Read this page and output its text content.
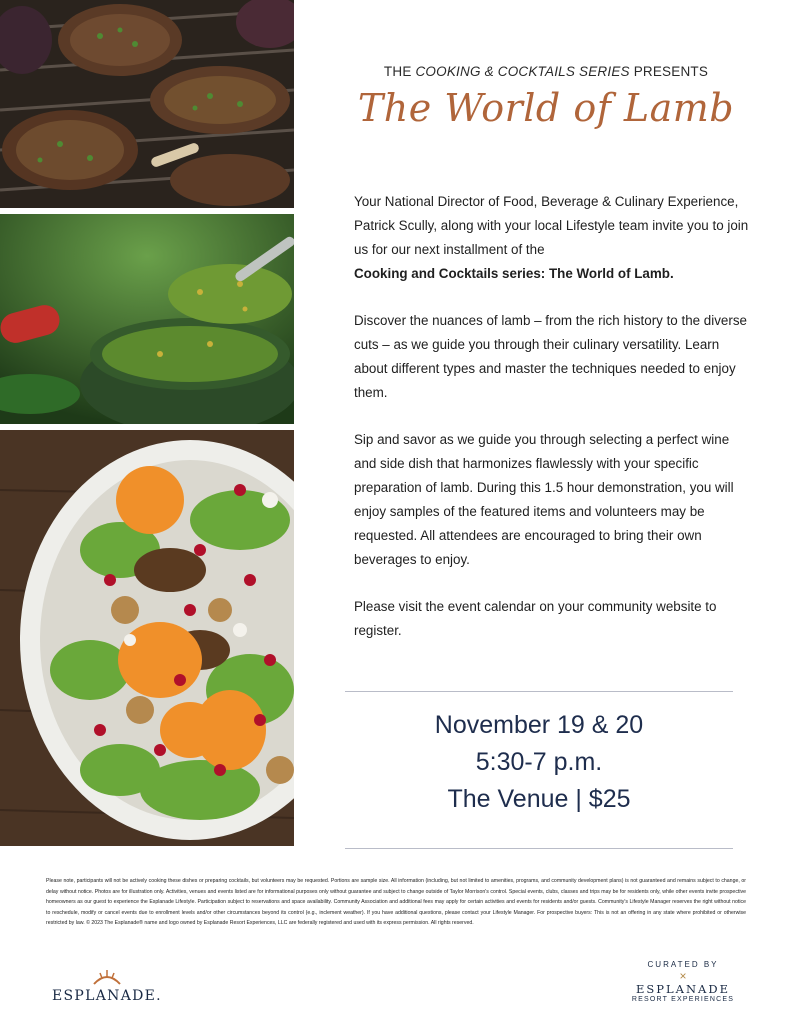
THE COOKING & COCKTAILS SERIES PRESENTS
The World of Lamb

Your National Director of Food, Beverage & Culinary Experience, Patrick Scully, along with your local Lifestyle team invite you to join us for our next installment of the
Cooking and Cocktails series: The World of Lamb.

Discover the nuances of lamb – from the rich history to the diverse cuts – as we guide you through their culinary versatility. Learn about different types and master the techniques needed to enjoy them.

Sip and savor as we guide you through selecting a perfect wine and side dish that harmonizes flawlessly with your specific preparation of lamb. During this 1.5 hour demonstration, you will enjoy samples of the featured items and volunteers may be requested. All attendees are encouraged to bring their own beverages to enjoy.

Please visit the event calendar on your community website to register.

November 19 & 20
5:30-7 p.m.
The Venue | $25
Please note, participants will not be actively cooking these dishes or preparing cocktails, but volunteers may be requested. Portions are sample size. All information (including, but not limited to amenities, programs, and community development plans) is not guaranteed and remains subject to change, or delay without notice. Photos are for illustration only. Activities, venues and events listed are for informational purposes only without guarantee and subject to change outside of Taylor Morrison's control. Special events, clubs, classes and trips may be for residents only, while other events invite prospective homeowners as our guest to experience the Esplanade Lifestyle. Participation subject to reservations and space availability. Community Association and additional fees may apply for certain activities and events for residents and/or guests. Community's Lifestyle Manager reserves the right without notice to reschedule, modify or cancel events due to enrollment levels and/or other circumstances beyond its control (e.g., inclement weather). If you have additional questions, please contact your Lifestyle Manager. For prospective buyers: This is not an offering in any state where prohibited or otherwise restricted by law. © 2023 The Esplanade® name and logo owned by Esplanade Resort Experiences, LLC are federally registered and used with its express permission. All rights reserved.
ESPLANADE.
CURATED BY
×
ESPLANADE
RESORT EXPERIENCES
